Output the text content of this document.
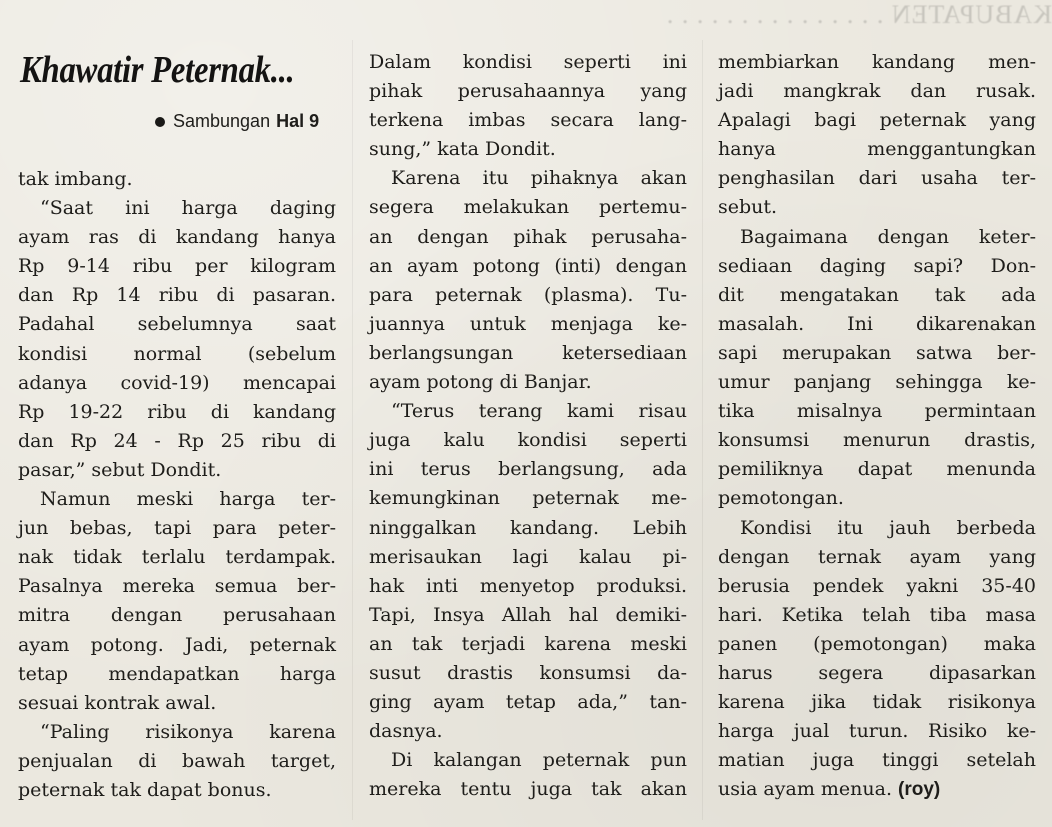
KABUPATEN . . . . . . . . . . . . . . .
Khawatir Peternak...
Sambungan Hal 9
tak imbang.
“Saat ini harga daging
ayam ras di kandang hanya
Rp 9-14 ribu per kilogram
dan Rp 14 ribu di pasaran.
Padahal sebelumnya saat
kondisi normal (sebelum
adanya covid-19) mencapai
Rp 19-22 ribu di kandang
dan Rp 24 - Rp 25 ribu di
pasar,” sebut Dondit.
Namun meski harga ter-
jun bebas, tapi para peter-
nak tidak terlalu terdampak.
Pasalnya mereka semua ber-
mitra dengan perusahaan
ayam potong. Jadi, peternak
tetap mendapatkan harga
sesuai kontrak awal.
“Paling risikonya karena
penjualan di bawah target,
peternak tak dapat bonus.
Dalam kondisi seperti ini
pihak perusahaannya yang
terkena imbas secara lang-
sung,” kata Dondit.
Karena itu pihaknya akan
segera melakukan pertemu-
an dengan pihak perusaha-
an ayam potong (inti) dengan
para peternak (plasma). Tu-
juannya untuk menjaga ke-
berlangsungan ketersediaan
ayam potong di Banjar.
“Terus terang kami risau
juga kalu kondisi seperti
ini terus berlangsung, ada
kemungkinan peternak me-
ninggalkan kandang. Lebih
merisaukan lagi kalau pi-
hak inti menyetop produksi.
Tapi, Insya Allah hal demiki-
an tak terjadi karena meski
susut drastis konsumsi da-
ging ayam tetap ada,” tan-
dasnya.
Di kalangan peternak pun
mereka tentu juga tak akan
membiarkan kandang men-
jadi mangkrak dan rusak.
Apalagi bagi peternak yang
hanya menggantungkan
penghasilan dari usaha ter-
sebut.
Bagaimana dengan keter-
sediaan daging sapi? Don-
dit mengatakan tak ada
masalah. Ini dikarenakan
sapi merupakan satwa ber-
umur panjang sehingga ke-
tika misalnya permintaan
konsumsi menurun drastis,
pemiliknya dapat menunda
pemotongan.
Kondisi itu jauh berbeda
dengan ternak ayam yang
berusia pendek yakni 35-40
hari. Ketika telah tiba masa
panen (pemotongan) maka
harus segera dipasarkan
karena jika tidak risikonya
harga jual turun. Risiko ke-
matian juga tinggi setelah
usia ayam menua. (roy)
